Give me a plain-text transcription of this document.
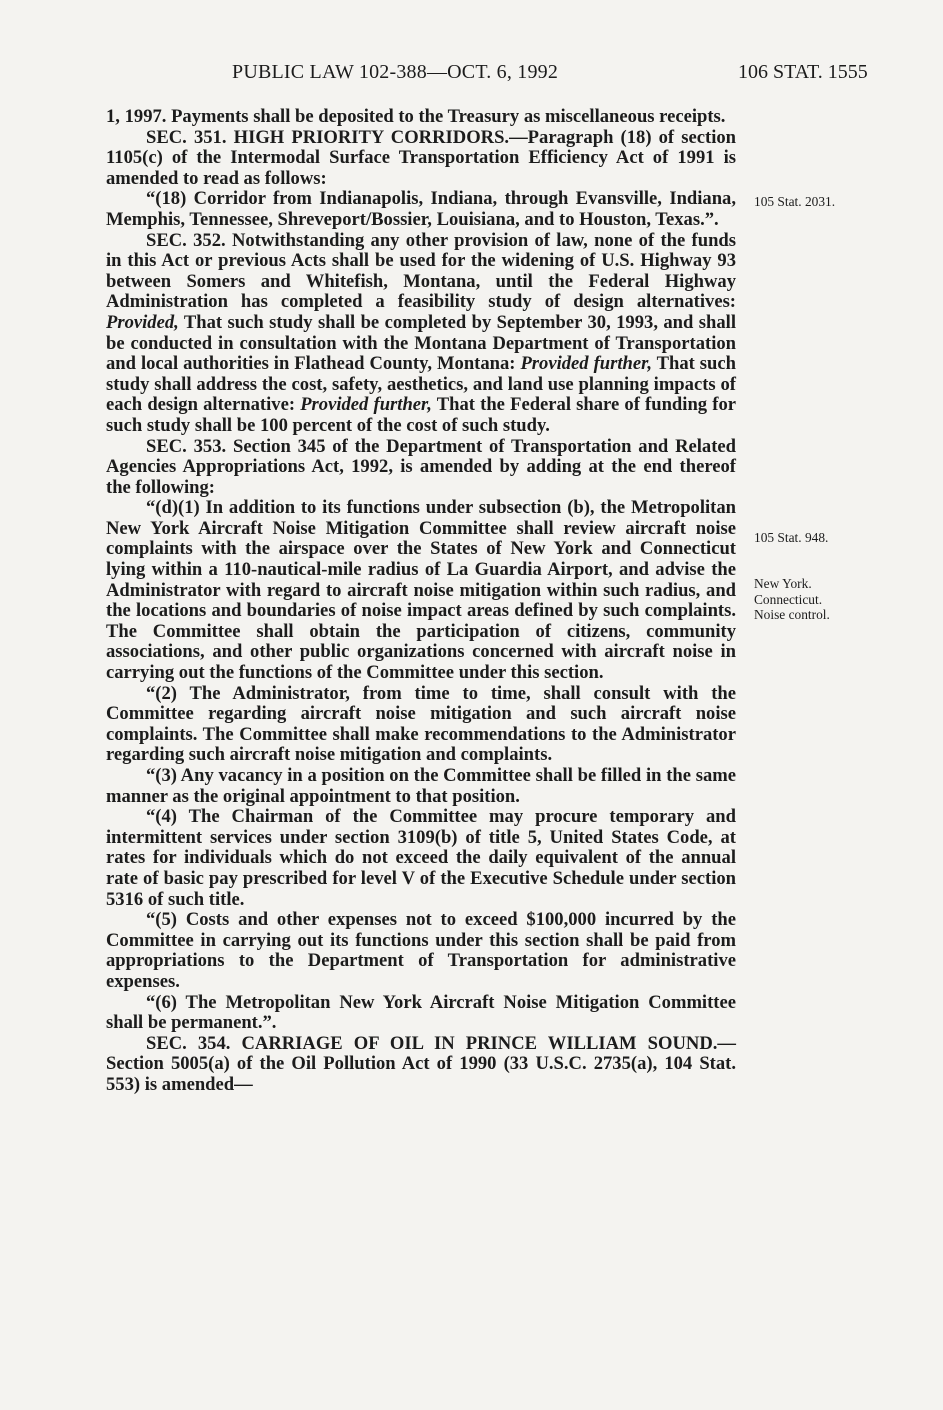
PUBLIC LAW 102-388—OCT. 6, 1992	106 STAT. 1555
105 Stat. 2031.
105 Stat. 948.
New York.
Connecticut.
Noise control.

1, 1997. Payments shall be deposited to the Treasury as miscellaneous receipts.

SEC. 351. HIGH PRIORITY CORRIDORS.—Paragraph (18) of section 1105(c) of the Intermodal Surface Transportation Efficiency Act of 1991 is amended to read as follows:

“(18) Corridor from Indianapolis, Indiana, through Evansville, Indiana, Memphis, Tennessee, Shreveport/Bossier, Louisiana, and to Houston, Texas.”.

SEC. 352. Notwithstanding any other provision of law, none of the funds in this Act or previous Acts shall be used for the widening of U.S. Highway 93 between Somers and Whitefish, Montana, until the Federal Highway Administration has completed a feasibility study of design alternatives: Provided, That such study shall be completed by September 30, 1993, and shall be conducted in consultation with the Montana Department of Transportation and local authorities in Flathead County, Montana: Provided further, That such study shall address the cost, safety, aesthetics, and land use planning impacts of each design alternative: Provided further, That the Federal share of funding for such study shall be 100 percent of the cost of such study.

SEC. 353. Section 345 of the Department of Transportation and Related Agencies Appropriations Act, 1992, is amended by adding at the end thereof the following:

“(d)(1) In addition to its functions under subsection (b), the Metropolitan New York Aircraft Noise Mitigation Committee shall review aircraft noise complaints with the airspace over the States of New York and Connecticut lying within a 110-nautical-mile radius of La Guardia Airport, and advise the Administrator with regard to aircraft noise mitigation within such radius, and the locations and boundaries of noise impact areas defined by such complaints. The Committee shall obtain the participation of citizens, community associations, and other public organizations concerned with aircraft noise in carrying out the functions of the Committee under this section.

“(2) The Administrator, from time to time, shall consult with the Committee regarding aircraft noise mitigation and such aircraft noise complaints. The Committee shall make recommendations to the Administrator regarding such aircraft noise mitigation and complaints.

“(3) Any vacancy in a position on the Committee shall be filled in the same manner as the original appointment to that position.

“(4) The Chairman of the Committee may procure temporary and intermittent services under section 3109(b) of title 5, United States Code, at rates for individuals which do not exceed the daily equivalent of the annual rate of basic pay prescribed for level V of the Executive Schedule under section 5316 of such title.

“(5) Costs and other expenses not to exceed $100,000 incurred by the Committee in carrying out its functions under this section shall be paid from appropriations to the Department of Transportation for administrative expenses.

“(6) The Metropolitan New York Aircraft Noise Mitigation Committee shall be permanent.”.

SEC. 354. CARRIAGE OF OIL IN PRINCE WILLIAM SOUND.—Section 5005(a) of the Oil Pollution Act of 1990 (33 U.S.C. 2735(a), 104 Stat. 553) is amended—
